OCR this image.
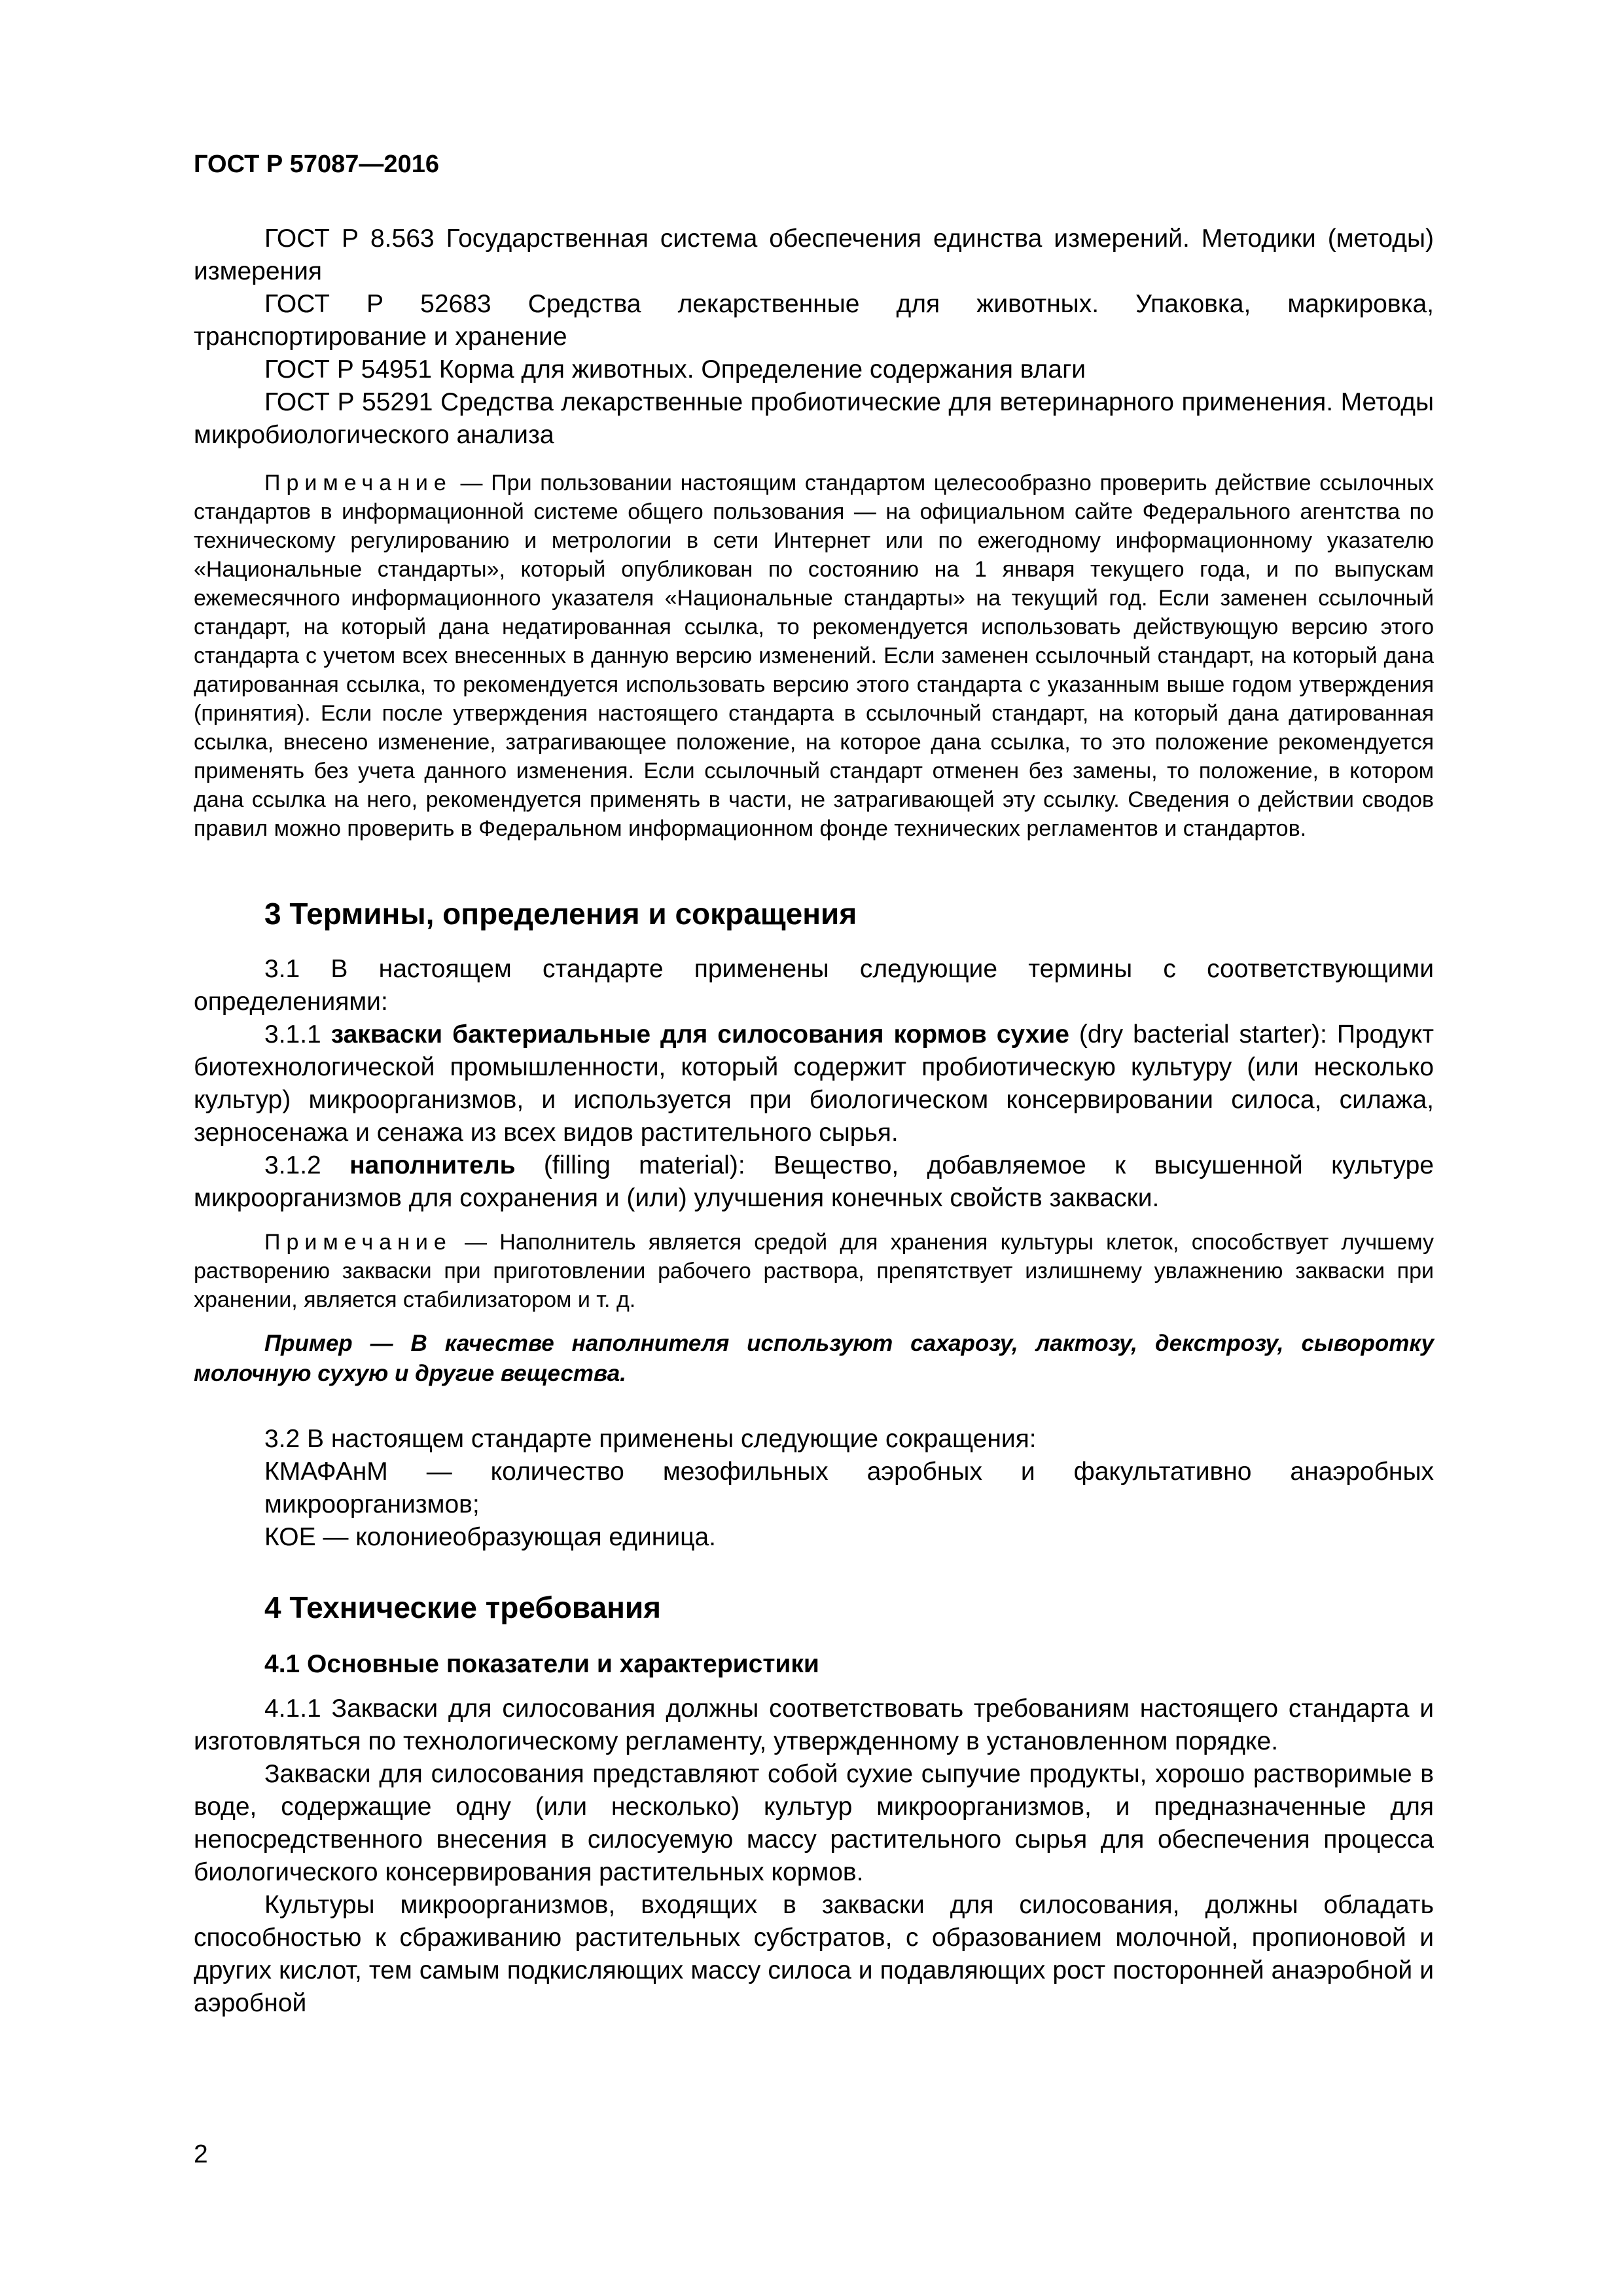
ГОСТ Р 57087—2016

ГОСТ Р 8.563 Государственная система обеспечения единства измерений. Методики (методы) измерения

ГОСТ Р 52683 Средства лекарственные для животных. Упаковка, маркировка, транспортирование и хранение

ГОСТ Р 54951 Корма для животных. Определение содержания влаги

ГОСТ Р 55291 Средства лекарственные пробиотические для ветеринарного применения. Методы микробиологического анализа

Примечание — При пользовании настоящим стандартом целесообразно проверить действие ссылочных стандартов в информационной системе общего пользования — на официальном сайте Федерального агентства по техническому регулированию и метрологии в сети Интернет или по ежегодному информационному указателю «Национальные стандарты», который опубликован по состоянию на 1 января текущего года, и по выпускам ежемесячного информационного указателя «Национальные стандарты» на текущий год. Если заменен ссылочный стандарт, на который дана недатированная ссылка, то рекомендуется использовать действующую версию этого стандарта с учетом всех внесенных в данную версию изменений. Если заменен ссылочный стандарт, на который дана датированная ссылка, то рекомендуется использовать версию этого стандарта с указанным выше годом утверждения (принятия). Если после утверждения настоящего стандарта в ссылочный стандарт, на который дана датированная ссылка, внесено изменение, затрагивающее положение, на которое дана ссылка, то это положение рекомендуется применять без учета данного изменения. Если ссылочный стандарт отменен без замены, то положение, в котором дана ссылка на него, рекомендуется применять в части, не затрагивающей эту ссылку. Сведения о действии сводов правил можно проверить в Федеральном информационном фонде технических регламентов и стандартов.

3 Термины, определения и сокращения

3.1 В настоящем стандарте применены следующие термины с соответствующими определениями:

3.1.1 закваски бактериальные для силосования кормов сухие (dry bacterial starter): Продукт биотехнологической промышленности, который содержит пробиотическую культуру (или несколько культур) микроорганизмов, и используется при биологическом консервировании силоса, силажа, зерносенажа и сенажа из всех видов растительного сырья.

3.1.2 наполнитель (filling material): Вещество, добавляемое к высушенной культуре микроорганизмов для сохранения и (или) улучшения конечных свойств закваски.

Примечание — Наполнитель является средой для хранения культуры клеток, способствует лучшему растворению закваски при приготовлении рабочего раствора, препятствует излишнему увлажнению закваски при хранении, является стабилизатором и т. д.

Пример — В качестве наполнителя используют сахарозу, лактозу, декстрозу, сыворотку молочную сухую и другие вещества.

3.2 В настоящем стандарте применены следующие сокращения:

КМАФАнМ — количество мезофильных аэробных и факультативно анаэробных микроорганизмов;

КОЕ — колониеобразующая единица.

4 Технические требования
4.1 Основные показатели и характеристики

4.1.1 Закваски для силосования должны соответствовать требованиям настоящего стандарта и изготовляться по технологическому регламенту, утвержденному в установленном порядке.

Закваски для силосования представляют собой сухие сыпучие продукты, хорошо растворимые в воде, содержащие одну (или несколько) культур микроорганизмов, и предназначенные для непосредственного внесения в силосуемую массу растительного сырья для обеспечения процесса биологического консервирования растительных кормов.

Культуры микроорганизмов, входящих в закваски для силосования, должны обладать способностью к сбраживанию растительных субстратов, с образованием молочной, пропионовой и других кислот, тем самым подкисляющих массу силоса и подавляющих рост посторонней анаэробной и аэробной

2
